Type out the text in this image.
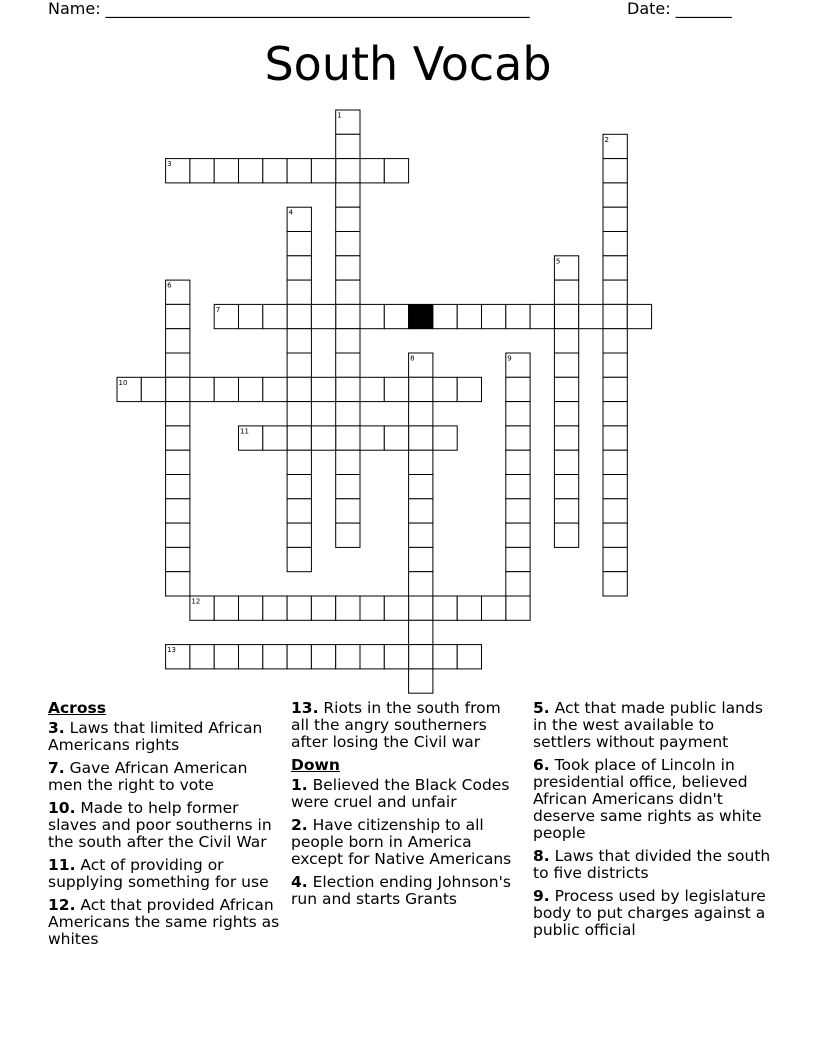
Name: _____________________________________________________	Date: _______
South Vocab
1
2
3
4
5
6
7
8	9
10
11
12
13
Across
3. Laws that limited African Americans rights
7. Gave African American men the right to vote
10. Made to help former slaves and poor southerns in the south after the Civil War
11. Act of providing or supplying something for use
12. Act that provided African Americans the same rights as whites
13. Riots in the south from all the angry southerners after losing the Civil war
Down
1. Believed the Black Codes were cruel and unfair
2. Have citizenship to all people born in America except for Native Americans
4. Election ending Johnson's run and starts Grants
5. Act that made public lands in the west available to settlers without payment
6. Took place of Lincoln in presidential office, believed African Americans didn't deserve same rights as white people
8. Laws that divided the south to five districts
9. Process used by legislature body to put charges against a public official
